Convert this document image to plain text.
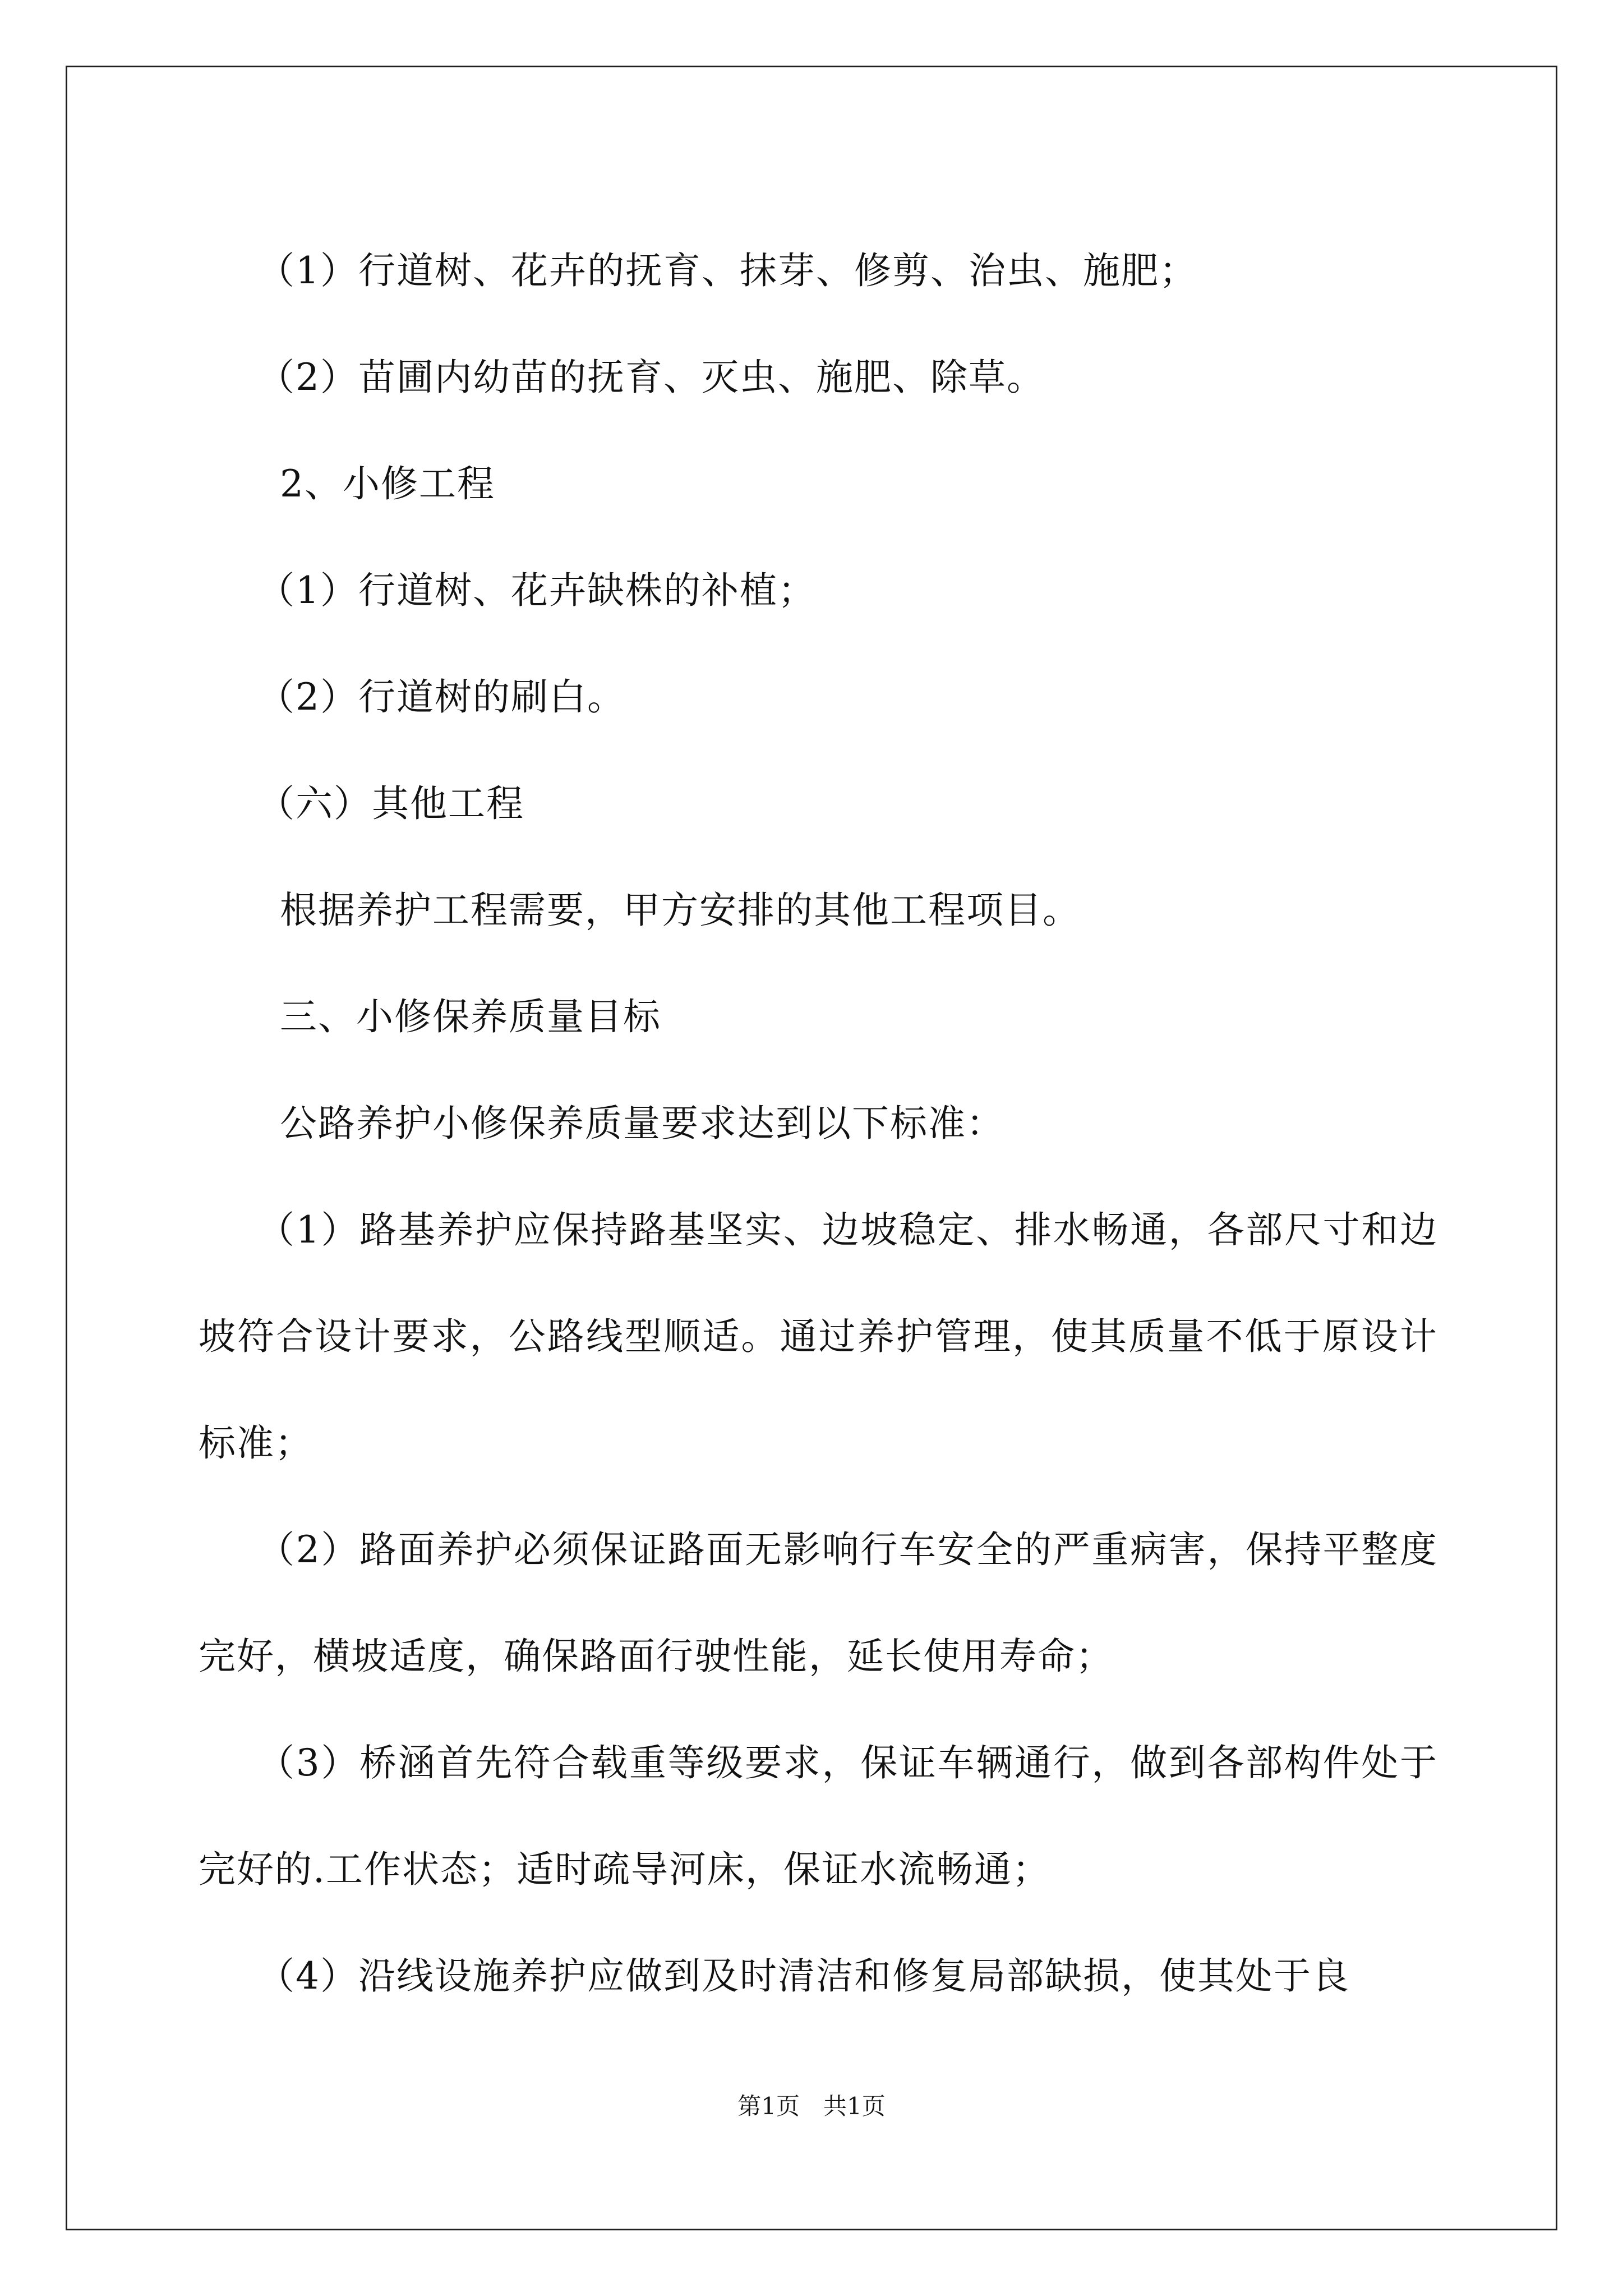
（1）行道树、花卉的抚育、抹芽、修剪、治虫、施肥；

（2）苗圃内幼苗的抚育、灭虫、施肥、除草。

2、小修工程

（1）行道树、花卉缺株的补植；

（2）行道树的刷白。

（六）其他工程

根据养护工程需要，甲方安排的其他工程项目。

三、小修保养质量目标

公路养护小修保养质量要求达到以下标准：

（1）路基养护应保持路基坚实、边坡稳定、排水畅通，各部尺寸和边坡符合设计要求，公路线型顺适。通过养护管理，使其质量不低于原设计标准；

（2）路面养护必须保证路面无影响行车安全的严重病害，保持平整度完好，横坡适度，确保路面行驶性能，延长使用寿命；

（3）桥涵首先符合载重等级要求，保证车辆通行，做到各部构件处于完好的.工作状态；适时疏导河床，保证水流畅通；

（4）沿线设施养护应做到及时清洁和修复局部缺损，使其处于良

第1页　共1页
